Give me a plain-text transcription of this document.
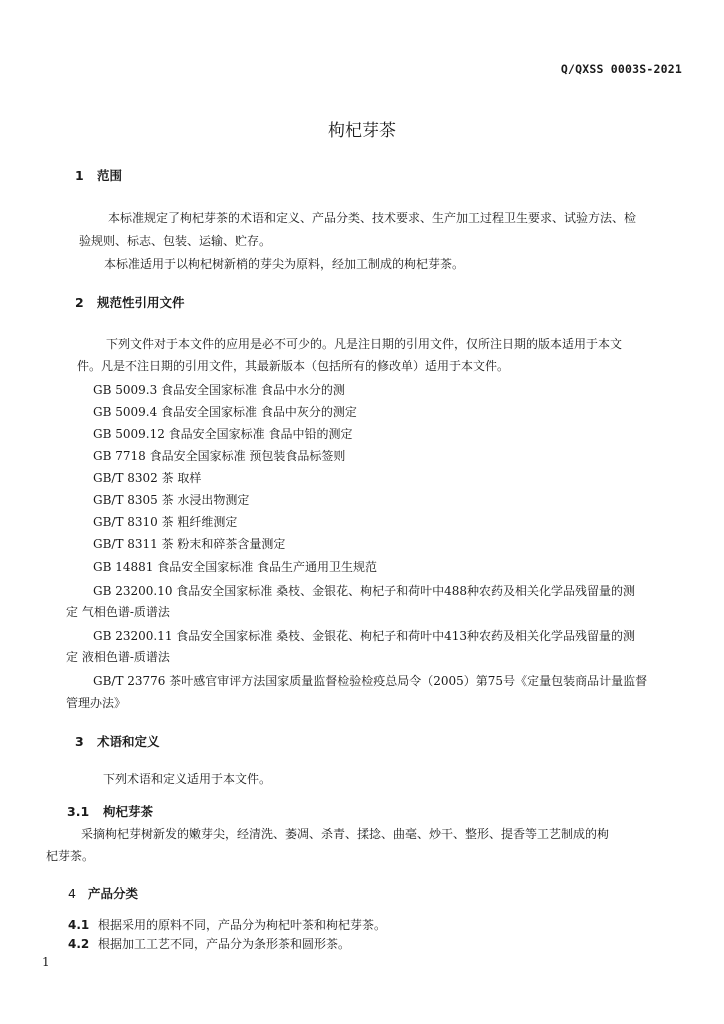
Q/QXSS 0003S-2021
枸杞芽茶
1 范围
本标准规定了枸杞芽茶的术语和定义、产品分类、技术要求、生产加工过程卫生要求、试验方法、检
验规则、标志、包装、运输、贮存。
本标准适用于以枸杞树新梢的芽尖为原料，经加工制成的枸杞芽茶。
2 规范性引用文件
下列文件对于本文件的应用是必不可少的。凡是注日期的引用文件，仅所注日期的版本适用于本文
件。凡是不注日期的引用文件，其最新版本（包括所有的修改单）适用于本文件。
GB 5009.3 食品安全国家标准 食品中水分的测
GB 5009.4 食品安全国家标准 食品中灰分的测定
GB 5009.12 食品安全国家标准 食品中铅的测定
GB 7718 食品安全国家标准 预包装食品标签则
GB/T 8302 茶 取样
GB/T 8305 茶 水浸出物测定
GB/T 8310 茶 粗纤维测定
GB/T 8311 茶 粉末和碎茶含量测定
GB 14881 食品安全国家标准 食品生产通用卫生规范
GB 23200.10 食品安全国家标准 桑枝、金银花、枸杞子和荷叶中488种农药及相关化学品残留量的测
定 气相色谱-质谱法
GB 23200.11 食品安全国家标准 桑枝、金银花、枸杞子和荷叶中413种农药及相关化学品残留量的测
定 液相色谱-质谱法
GB/T 23776 茶叶感官审评方法国家质量监督检验检疫总局令（2005）第75号《定量包装商品计量监督
管理办法》
3 术语和定义
下列术语和定义适用于本文件。
3.1 枸杞芽茶
采摘枸杞芽树新发的嫩芽尖，经清洗、萎凋、杀青、揉捻、曲毫、炒干、整形、提香等工艺制成的枸
杞芽茶。
4 产品分类
4.1 根据采用的原料不同，产品分为枸杞叶茶和枸杞芽茶。
4.2 根据加工工艺不同，产品分为条形茶和圆形茶。
1
